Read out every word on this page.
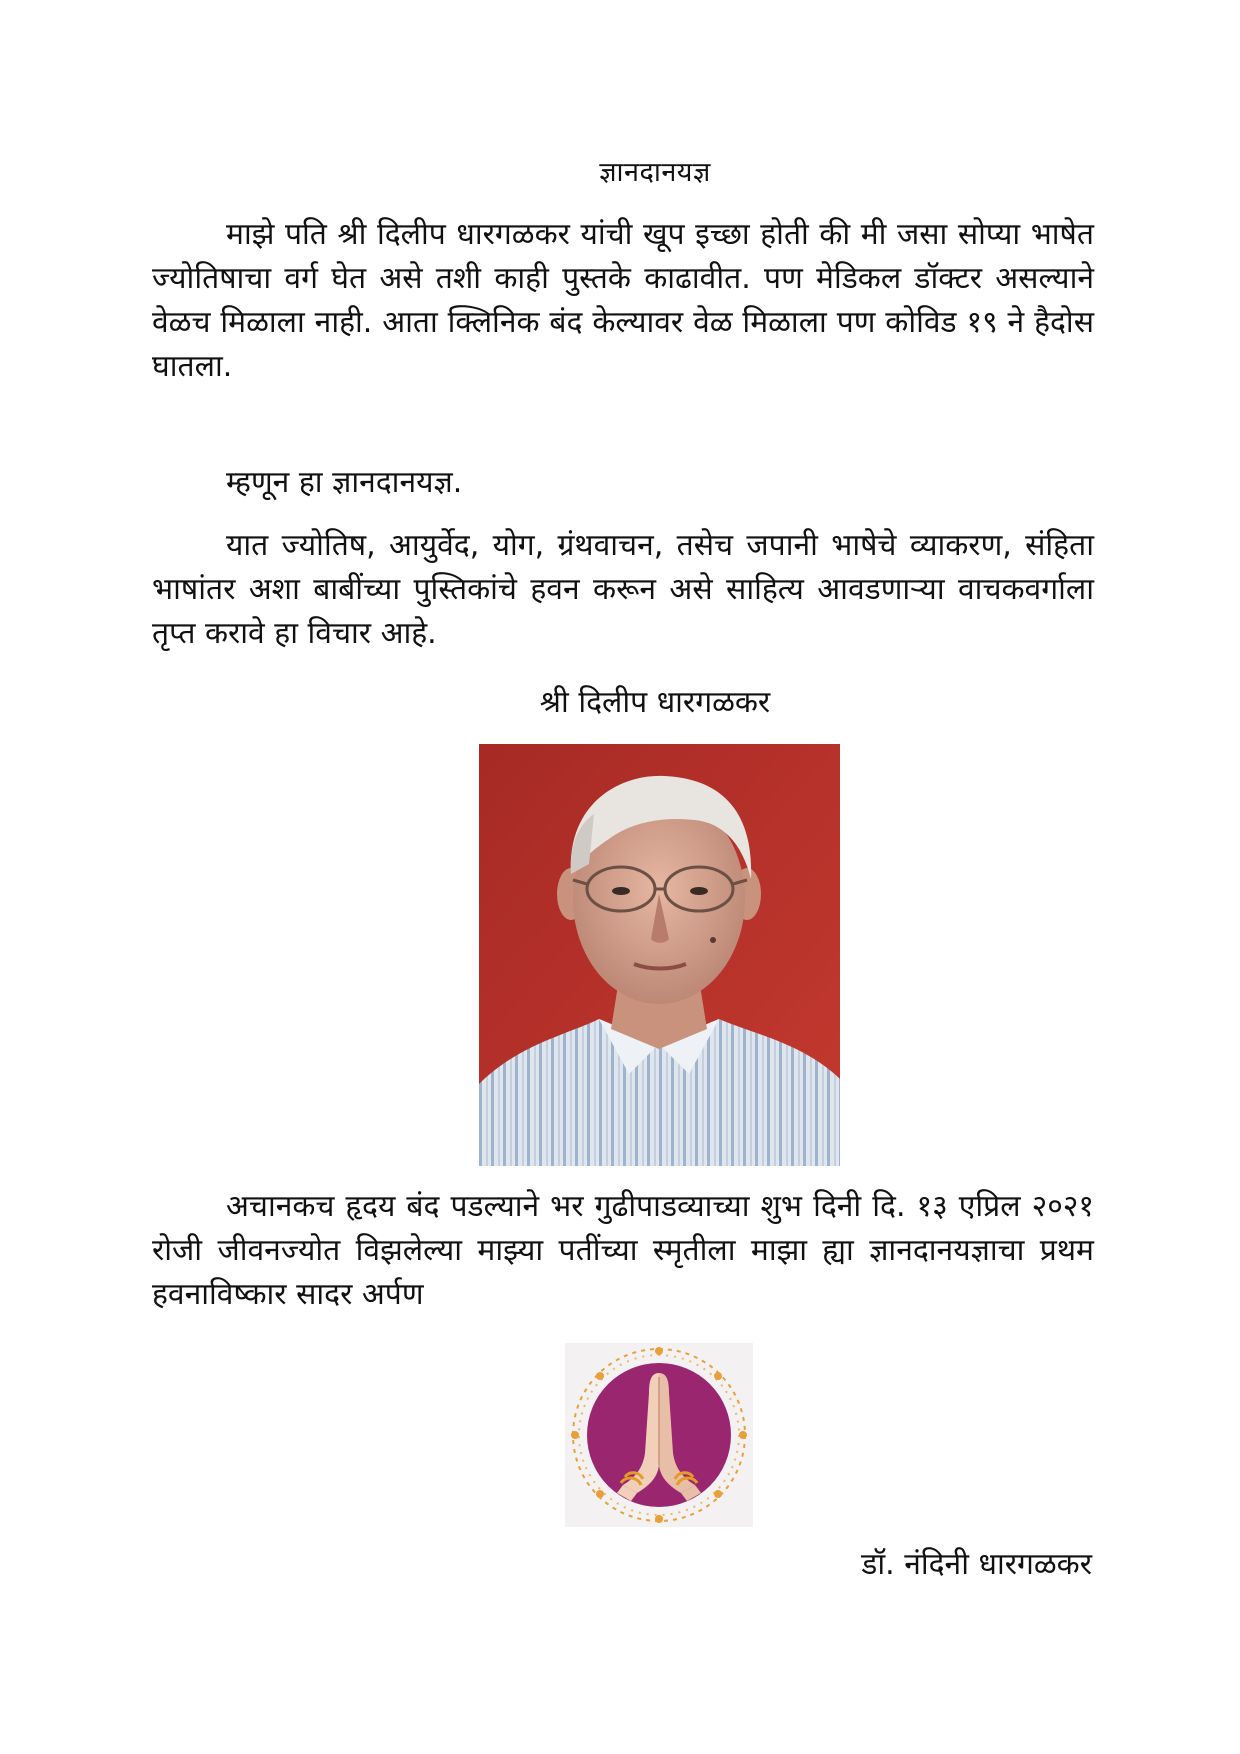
ज्ञानदानयज्ञ

माझे पति श्री दिलीप धारगळकर यांची खूप इच्छा होती की मी जसा सोप्या भाषेत ज्योतिषाचा वर्ग घेत असे तशी काही पुस्तके काढावीत. पण मेडिकल डॉक्टर असल्याने वेळच मिळाला नाही. आता क्लिनिक बंद केल्यावर वेळ मिळाला पण कोविड १९ ने हैदोस घातला.

म्हणून हा ज्ञानदानयज्ञ.

यात ज्योतिष, आयुर्वेद, योग, ग्रंथवाचन, तसेच जपानी भाषेचे व्याकरण, संहिता भाषांतर अशा बाबींच्या पुस्तिकांचे हवन करून असे साहित्य आवडणाऱ्या वाचकवर्गाला तृप्त करावे हा विचार आहे.

श्री दिलीप धारगळकर

अचानकच हृदय बंद पडल्याने भर गुढीपाडव्याच्या शुभ दिनी दि. १३ एप्रिल २०२१ रोजी जीवनज्योत विझलेल्या माझ्या पतींच्या स्मृतीला माझा ह्या ज्ञानदानयज्ञाचा प्रथम हवनाविष्कार सादर अर्पण

डॉ. नंदिनी धारगळकर
